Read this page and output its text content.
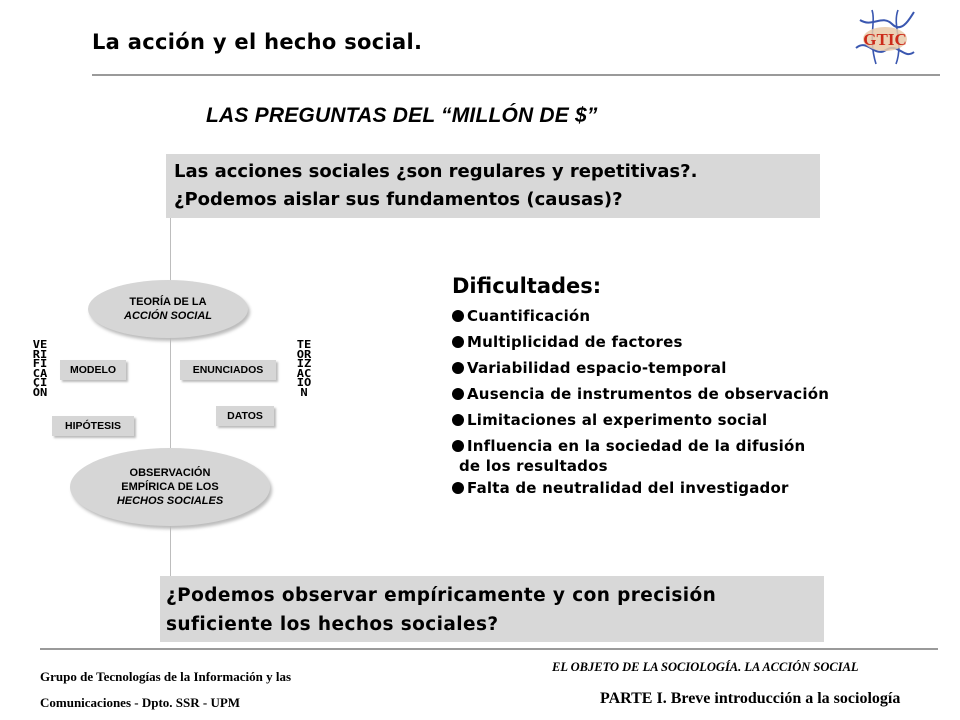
La acción y el hecho social.	GTIC
LAS PREGUNTAS DEL “MILLÓN DE $”
Las acciones sociales ¿son regulares y repetitivas?.
¿Podemos aislar sus fundamentos (causas)?
TEORÍA DE LA
ACCIÓN SOCIAL
MODELO	ENUNCIADOS
HIPÓTESIS
DATOS
VERIFICACIÓN
TEORIZACIÓN
OBSERVACIÓN
EMPÍRICA DE LOS
HECHOS SOCIALES
Dificultades:
Cuantificación
Multiplicidad de factores
Variabilidad espacio-temporal
Ausencia de instrumentos de observación
Limitaciones al experimento social
Influencia en la sociedad de la difusión
de los resultados
Falta de neutralidad del investigador
¿Podemos observar empíricamente y con precisión
suficiente los hechos sociales?
Grupo de Tecnologías de la Información y las
Comunicaciones - Dpto. SSR - UPM
EL OBJETO DE LA SOCIOLOGÍA. LA ACCIÓN SOCIAL
PARTE I. Breve introducción a la sociología
